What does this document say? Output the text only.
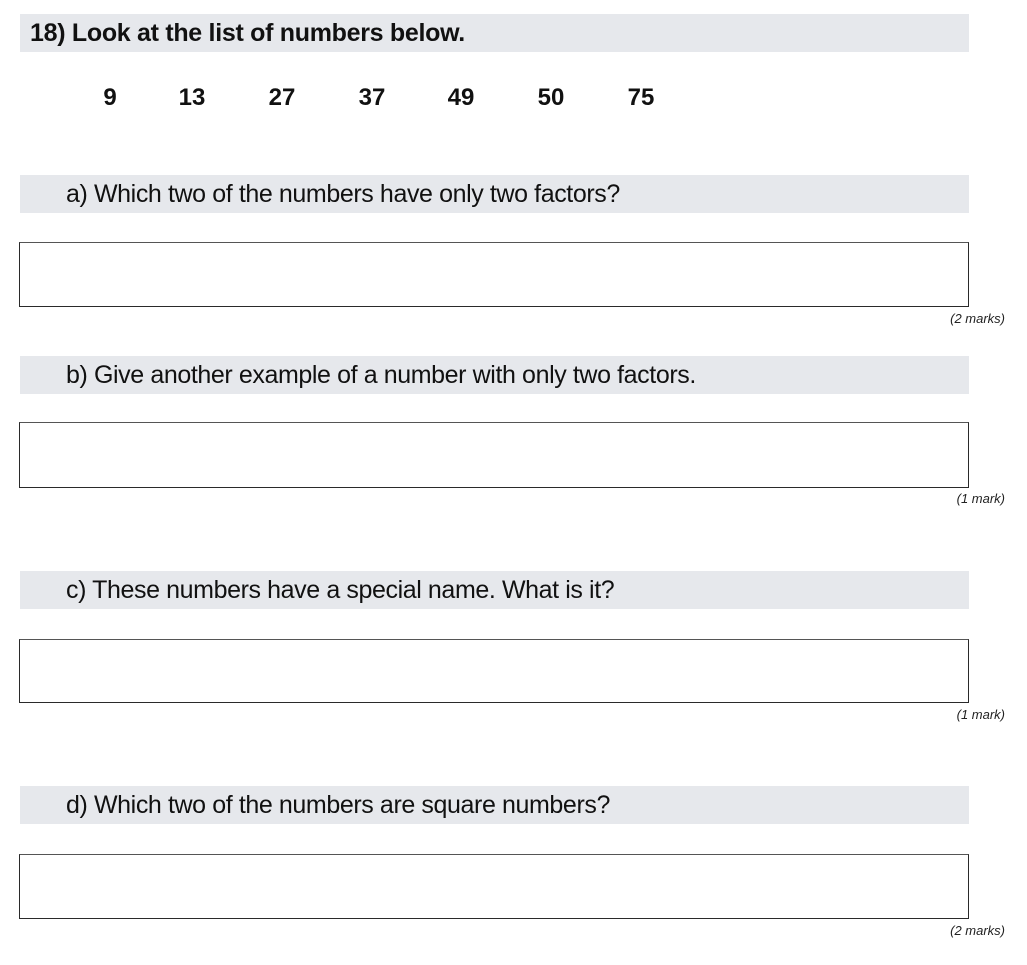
18) Look at the list of numbers below.
9	13	27	37	49	50	75
a) Which two of the numbers have only two factors?
(2 marks)
b) Give another example of a number with only two factors.
(1 mark)
c) These numbers have a special name. What is it?
(1 mark)
d) Which two of the numbers are square numbers?
(2 marks)
